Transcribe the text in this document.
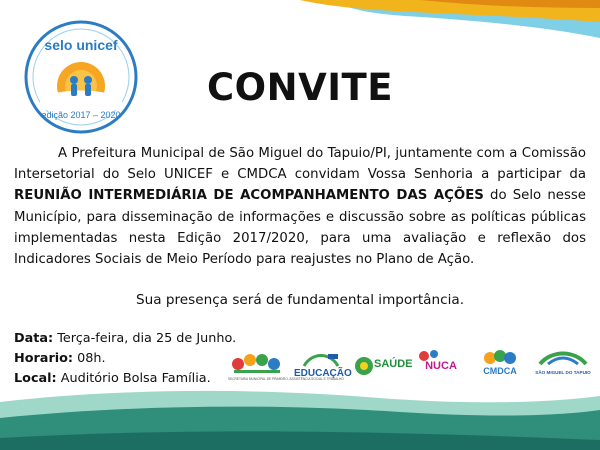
selo unicef
edição 2017 – 2020
CONVITE
A Prefeitura Municipal de São Miguel do Tapuio/PI, juntamente com a Comissão Intersetorial do Selo UNICEF e CMDCA convidam Vossa Senhoria a participar da REUNIÃO INTERMEDIÁRIA DE ACOMPANHAMENTO DAS AÇÕES do Selo nesse Município, para disseminação de informações e discussão sobre as políticas públicas implementadas nesta Edição 2017/2020, para uma avaliação e reflexão dos Indicadores Sociais de Meio Período para reajustes no Plano de Ação.
Sua presença será de fundamental importância.
Data: Terça-feira, dia 25 de Junho.
Horario: 08h.
Local: Auditório Bolsa Família.	SECRETARIA MUNICIPAL DE PRIMEIRO, ASSISTÊNCIA SOCIAL E TRABALHO
EDUCAÇÃO
SAÚDE	NUCA	CMDCA	SÃO MIGUEL DO TAPUIO
